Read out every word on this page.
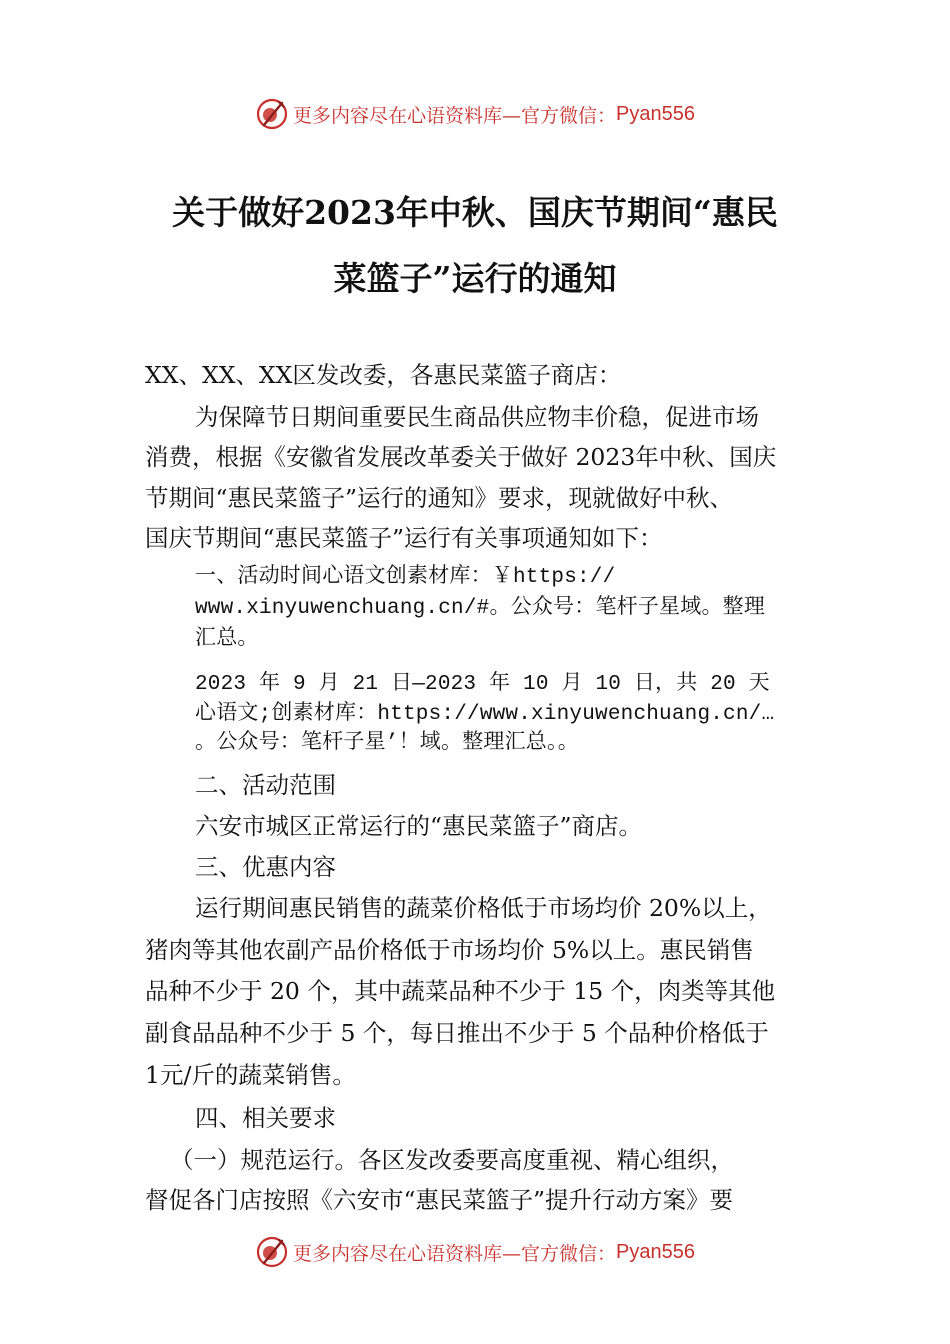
更多内容尽在心语资料库—官方微信： Pyan556
关于做好2023年中秋、国庆节期间“惠民
菜篮子”运行的通知
XX、XX、XX区发改委，各惠民菜篮子商店：
为保障节日期间重要民生商品供应物丰价稳，促进市场
消费，根据《安徽省发展改革委关于做好 2023年中秋、国庆
节期间“惠民菜篮子”运行的通知》要求，现就做好中秋、
国庆节期间“惠民菜篮子”运行有关事项通知如下：
一、活动时间心语文创素材库：￥https://
www.xinyuwenchuang.cn/#。公众号：笔杆子星域。整理
汇总。
2023 年 9 月 21 日—2023 年 10 月 10 日，共 20 天
心语文;创素材库：https://www.xinyuwenchuang.cn/…
。公众号：笔杆子星’！域。整理汇总。。
二、活动范围
六安市城区正常运行的“惠民菜篮子”商店。
三、优惠内容
运行期间惠民销售的蔬菜价格低于市场均价 20%以上，
猪肉等其他农副产品价格低于市场均价 5%以上。惠民销售
品种不少于 20 个，其中蔬菜品种不少于 15 个，肉类等其他
副食品品种不少于 5 个，每日推出不少于 5 个品种价格低于
1元/斤的蔬菜销售。
四、相关要求
（一）规范运行。各区发改委要高度重视、精心组织，
督促各门店按照《六安市“惠民菜篮子”提升行动方案》要
更多内容尽在心语资料库—官方微信： Pyan556
